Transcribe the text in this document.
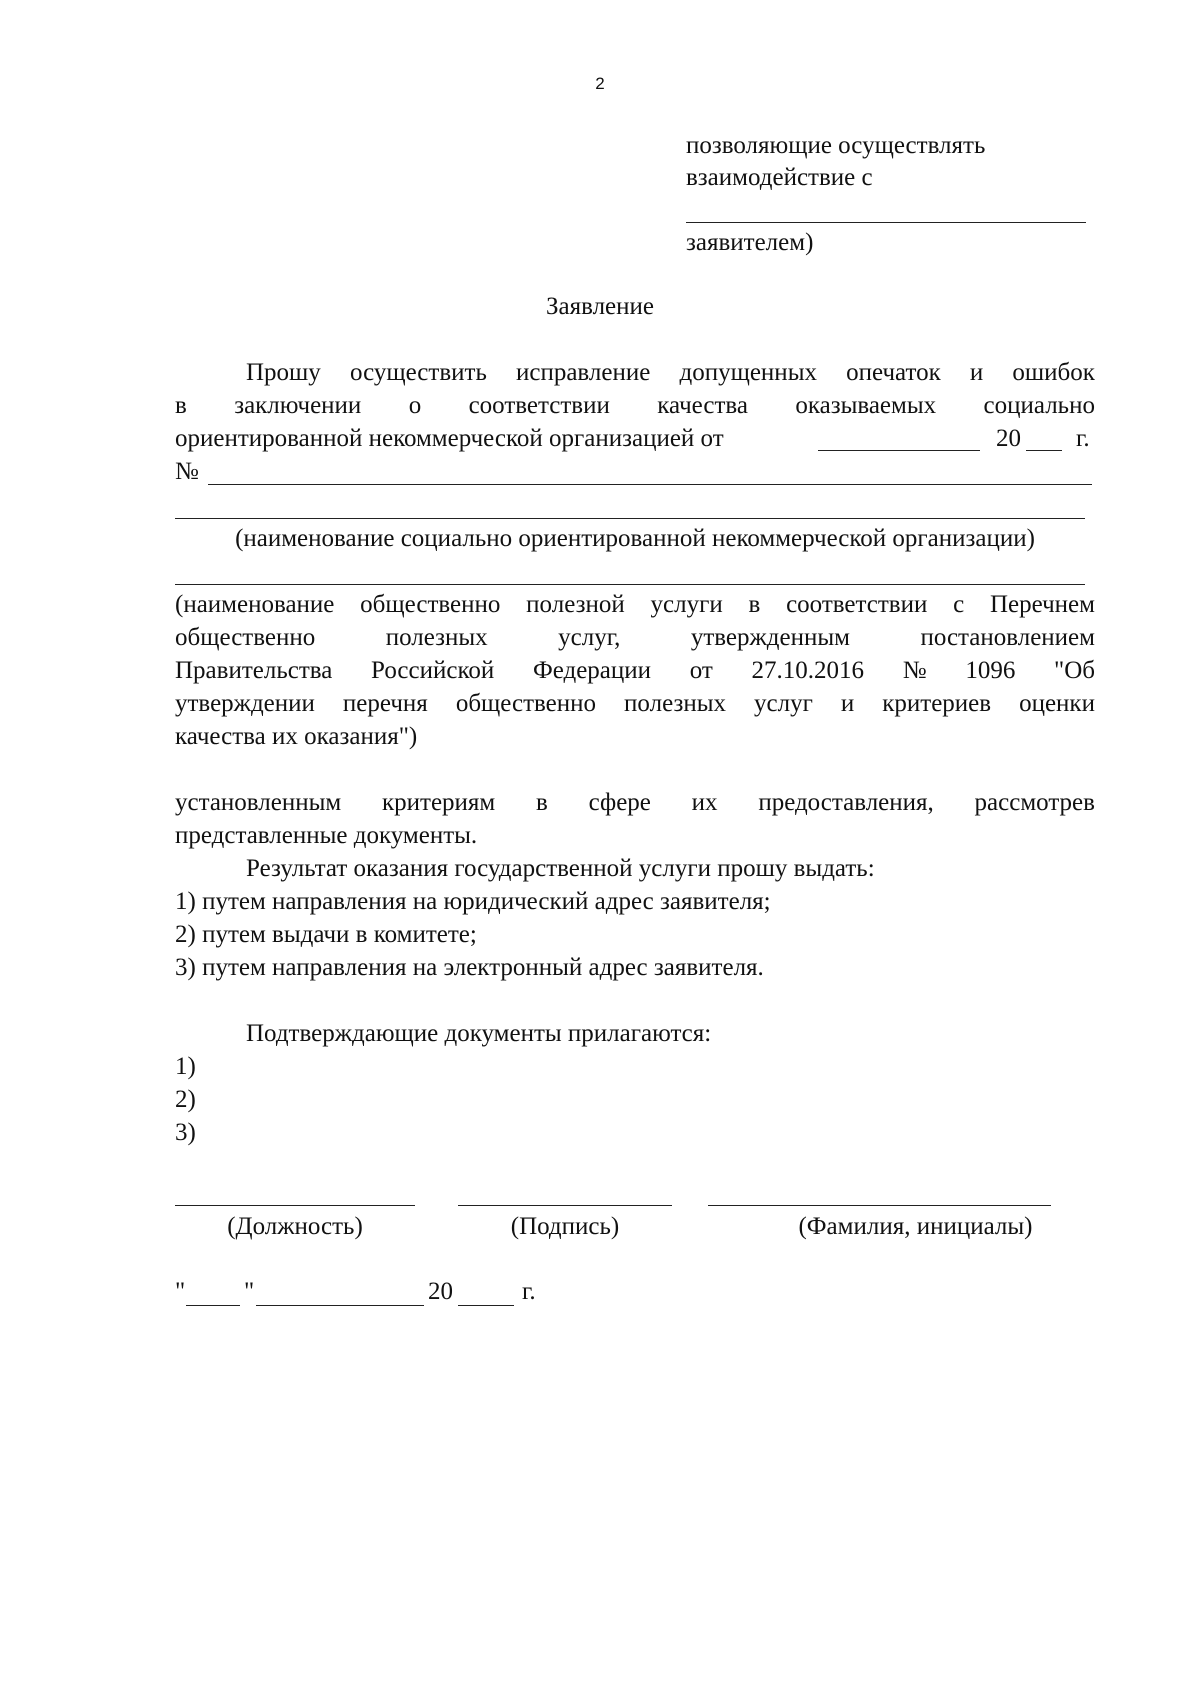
2
позволяющие осуществлять
взаимодействие с
заявителем)
Заявление
Прошу осуществить исправление допущенных опечаток и ошибок
в заключении о соответствии качества оказываемых социально
ориентированной некоммерческой организацией от	20 г.
№
(наименование социально ориентированной некоммерческой организации)
(наименование общественно полезной услуги в соответствии с Перечнем
общественно	полезных	услуг,	утвержденным	постановлением
Правительства Российской Федерации от 27.10.2016 № 1096 "Об
утверждении перечня общественно полезных услуг и критериев оценки
качества их оказания")
установленным критериям в сфере их предоставления, рассмотрев
представленные документы.
Результат оказания государственной услуги прошу выдать:
1) путем направления на юридический адрес заявителя;
2) путем выдачи в комитете;
3) путем направления на электронный адрес заявителя.
Подтверждающие документы прилагаются:
1)
2)
3)
(Должность)	(Подпись)	(Фамилия, инициалы)
" "	20	г.
